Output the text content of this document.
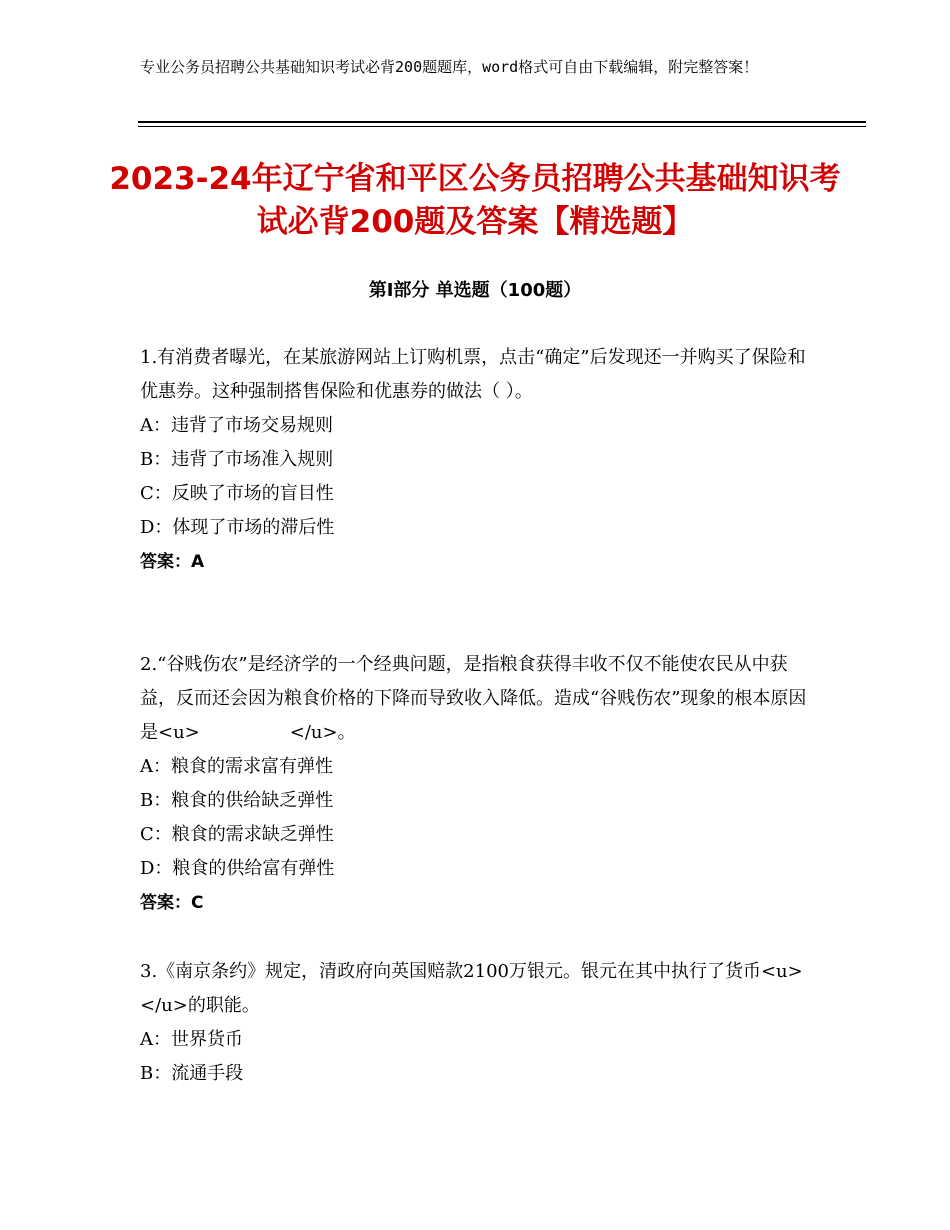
专业公务员招聘公共基础知识考试必背200题题库，word格式可自由下载编辑，附完整答案！
2023-24年辽宁省和平区公务员招聘公共基础知识考试必背200题及答案【精选题】
第Ⅰ部分 单选题（100题）

1.有消费者曝光，在某旅游网站上订购机票，点击“确定”后发现还一并购买了保险和优惠券。这种强制搭售保险和优惠券的做法（ ）。

A：违背了市场交易规则

B：违背了市场准入规则

C：反映了市场的盲目性

D：体现了市场的滞后性

答案：A

2.“谷贱伤农”是经济学的一个经典问题，是指粮食获得丰收不仅不能使农民从中获益，反而还会因为粮食价格的下降而导致收入降低。造成“谷贱伤农”现象的根本原因是<u>　　　　　</u>。

A：粮食的需求富有弹性

B：粮食的供给缺乏弹性

C：粮食的需求缺乏弹性

D：粮食的供给富有弹性

答案：C

3.《南京条约》规定，清政府向英国赔款2100万银元。银元在其中执行了货币<u>　　　　　</u>的职能。

A：世界货币

B：流通手段
